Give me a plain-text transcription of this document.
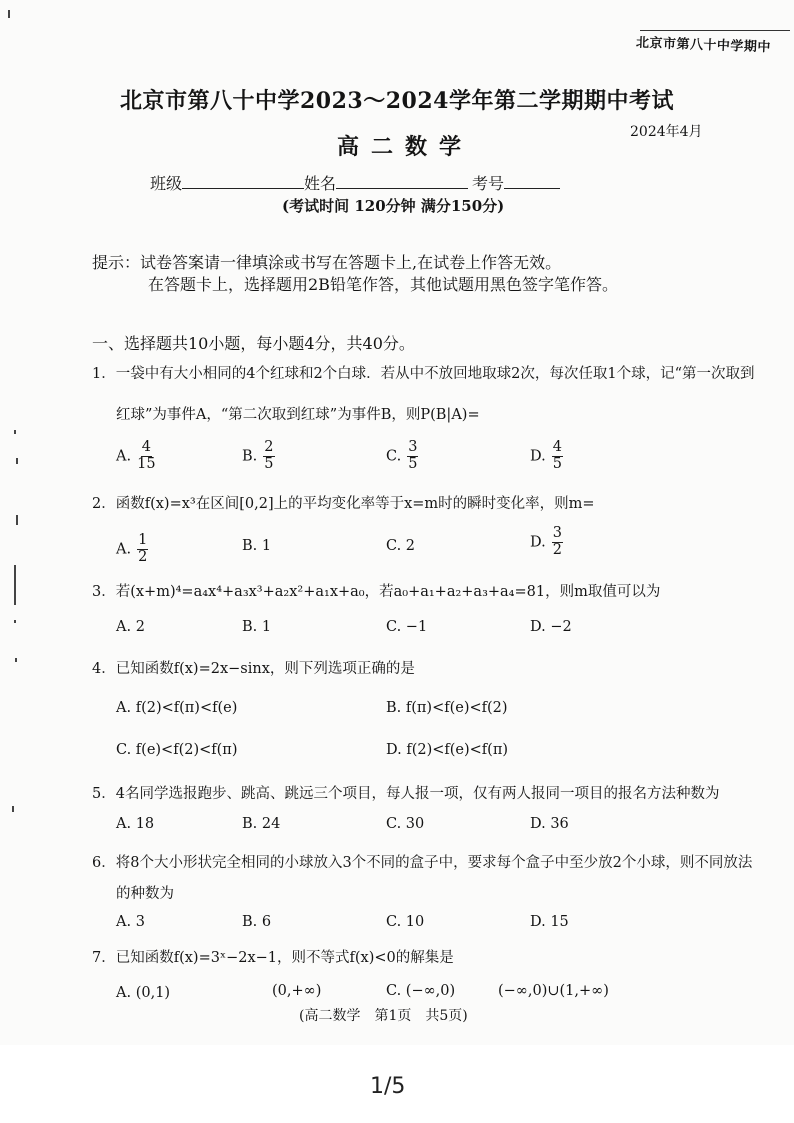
北京市第八十中学期中
北京市第八十中学2023～2024学年第二学期期中考试
高二数学
2024年4月
班级	姓名	考号
(考试时间 120分钟 满分150分)
提示：试卷答案请一律填涂或书写在答题卡上,在试卷上作答无效。
在答题卡上，选择题用2B铅笔作答，其他试题用黑色签字笔作答。
一、选择题共10小题，每小题4分，共40分。
1．一袋中有大小相同的4个红球和2个白球．若从中不放回地取球2次，每次任取1个球，记“第一次取到
红球”为事件A，“第二次取到红球”为事件B，则P(B|A)=
A. $\frac{4}{15}$	B. $\frac{2}{5}$	C. $\frac{3}{5}$	D. $\frac{4}{5}$
2．函数f(x)=x³在区间[0,2]上的平均变化率等于x=m时的瞬时变化率，则m=
A. $\frac{1}{2}$	B. 1	C. 2	D. $\frac{3}{2}$
3．若(x+m)⁴=a₄x⁴+a₃x³+a₂x²+a₁x+a₀，若a₀+a₁+a₂+a₃+a₄=81，则m取值可以为
A. 2	B. 1	C. −1	D. −2
4．已知函数f(x)=2x−sinx，则下列选项正确的是
A. f(2)<f(π)<f(e)	B. f(π)<f(e)<f(2)
C. f(e)<f(2)<f(π)	D. f(2)<f(e)<f(π)
5．4名同学选报跑步、跳高、跳远三个项目，每人报一项，仅有两人报同一项目的报名方法种数为
A. 18	B. 24	C. 30	D. 36
6．将8个大小形状完全相同的小球放入3个不同的盒子中，要求每个盒子中至少放2个小球，则不同放法
的种数为
A. 3	B. 6	C. 10	D. 15
7．已知函数f(x)=3ˣ−2x−1，则不等式f(x)<0的解集是
A. (0,1)	(0,+∞)	C. (−∞,0)	(−∞,0)∪(1,+∞)
(高二数学　第1页　共5页)
1/5
